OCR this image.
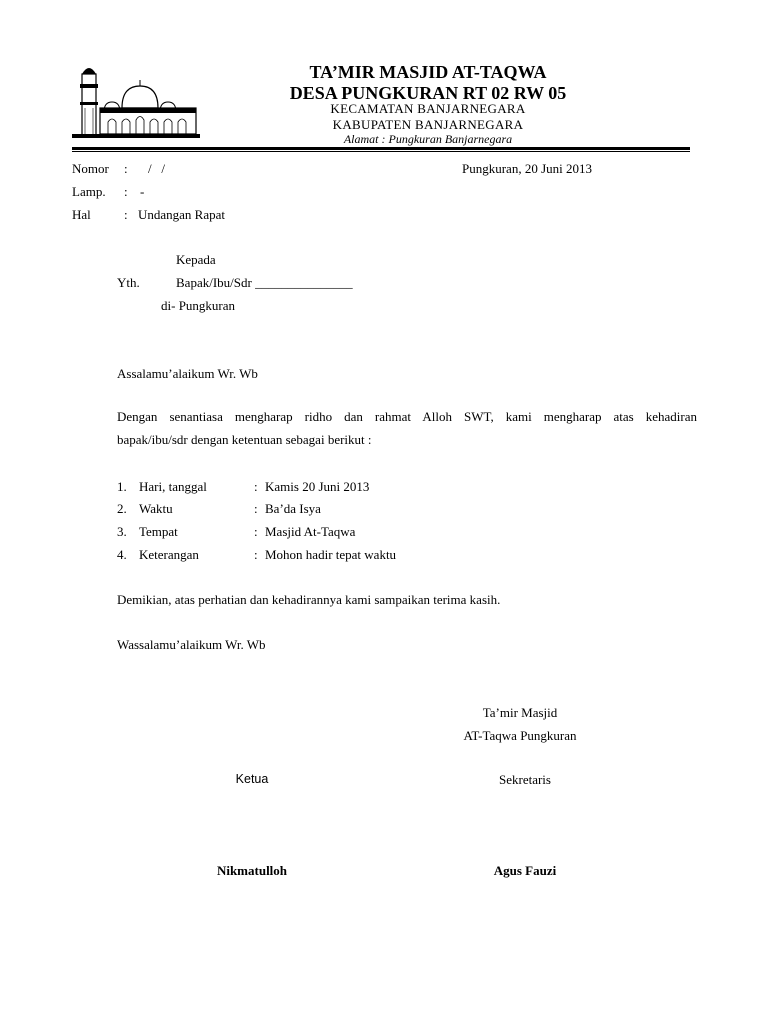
TA’MIR MASJID AT-TAQWA
DESA PUNGKURAN RT 02 RW 05
KECAMATAN BANJARNEGARA
KABUPATEN BANJARNEGARA
Alamat : Pungkuran Banjarnegara
Nomor : /   /	Pungkuran, 20 Juni 2013
Lamp. : -
Hal	: Undangan Rapat
Kepada
Yth.	Bapak/Ibu/Sdr _______________
di- Pungkuran
Assalamu’alaikum Wr. Wb
Dengan senantiasa mengharap ridho dan rahmat Alloh SWT, kami mengharap atas kehadiran
bapak/ibu/sdr dengan ketentuan sebagai berikut :
1. Hari, tanggal	: Kamis 20 Juni 2013
2. Waktu	: Ba’da Isya
3. Tempat	: Masjid At-Taqwa
4. Keterangan	: Mohon hadir tepat waktu
Demikian, atas perhatian dan kehadirannya kami sampaikan terima kasih.
Wassalamu’alaikum Wr. Wb
Ta’mir Masjid
AT-Taqwa Pungkuran
Ketua	Sekretaris
Nikmatulloh	Agus Fauzi
